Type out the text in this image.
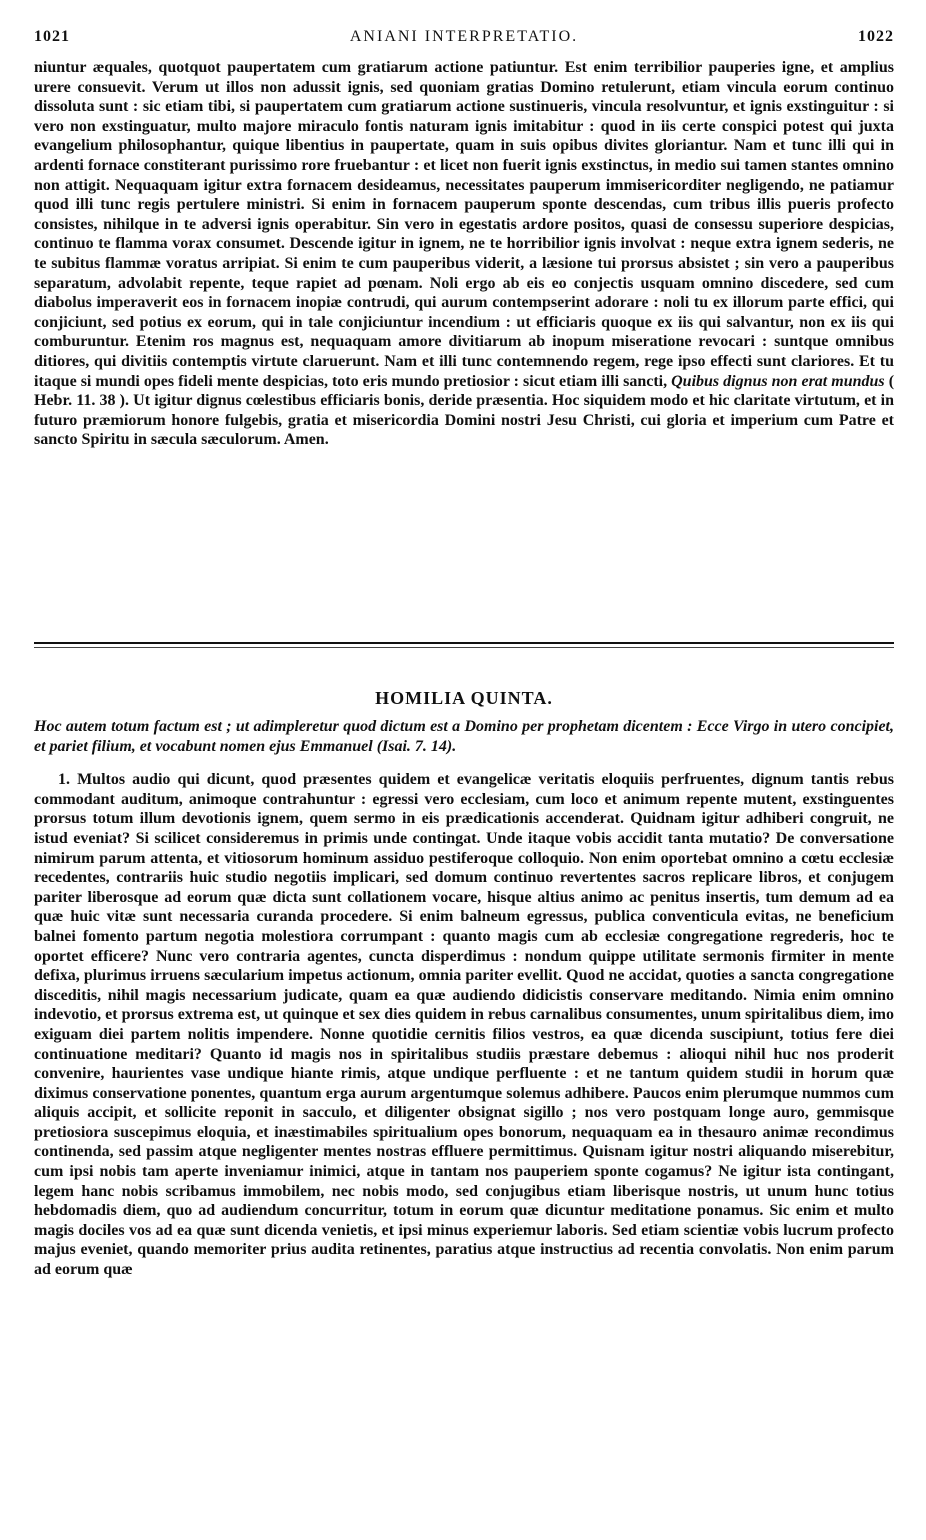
1021	ANIANI INTERPRETATIO.	1022

niuntur æquales, quotquot paupertatem cum gratiarum actione patiuntur. Est enim terribilior pauperies igne, et amplius urere consuevit. Verum ut illos non adussit ignis, sed quoniam gratias Domino retulerunt, etiam vincula eorum continuo dissoluta sunt : sic etiam tibi, si paupertatem cum gratiarum actione sustinueris, vincula resolvuntur, et ignis exstinguitur : si vero non exstinguatur, multo majore miraculo fontis naturam ignis imitabitur : quod in iis certe conspici potest qui juxta evangelium philosophantur, quique libentius in paupertate, quam in suis opibus divites gloriantur. Nam et tunc illi qui in ardenti fornace constiterant purissimo rore fruebantur : et licet non fuerit ignis exstinctus, in medio sui tamen stantes omnino non attigit. Nequaquam igitur extra fornacem desideamus, necessitates pauperum immisericorditer negligendo, ne patiamur quod illi tunc regis pertulere ministri. Si enim in fornacem pauperum sponte descendas, cum tribus illis pueris profecto consistes, nihilque in te adversi ignis operabitur. Sin vero in egestatis ardore positos, quasi de consessu superiore despicias, continuo te flamma vorax consumet. Descende igitur in ignem, ne te horribilior ignis involvat : neque extra ignem sederis, ne te subitus flammæ voratus arripiat. Si enim te cum pauperibus viderit, a læsione tui prorsus absistet ; sin vero a pauperibus separatum, advolabit repente, teque rapiet ad pœnam. Noli ergo ab eis eo conjectis usquam omnino discedere, sed cum diabolus imperaverit eos in fornacem inopiæ contrudi, qui aurum contempserint adorare : noli tu ex illorum parte effici, qui conjiciunt, sed potius ex eorum, qui in tale conjiciuntur incendium : ut efficiaris quoque ex iis qui salvantur, non ex iis qui comburuntur. Etenim ros magnus est, nequaquam amore divitiarum ab inopum miseratione revocari : suntque omnibus ditiores, qui divitiis contemptis virtute claruerunt. Nam et illi tunc contemnendo regem, rege ipso effecti sunt clariores. Et tu itaque si mundi opes fideli mente despicias, toto eris mundo pretiosior : sicut etiam illi sancti, Quibus dignus non erat mundus ( Hebr. 11. 38 ). Ut igitur dignus cœlestibus efficiaris bonis, deride præsentia. Hoc siquidem modo et hic claritate virtutum, et in futuro præmiorum honore fulgebis, gratia et misericordia Domini nostri Jesu Christi, cui gloria et imperium cum Patre et sancto Spiritu in sæcula sæculorum. Amen.

HOMILIA QUINTA.

Hoc autem totum factum est ; ut adimpleretur quod dictum est a Domino per prophetam dicentem : Ecce Virgo in utero concipiet, et pariet filium, et vocabunt nomen ejus Emmanuel (Isai. 7. 14).

1. Multos audio qui dicunt, quod præsentes quidem et evangelicæ veritatis eloquiis perfruentes, dignum tantis rebus commodant auditum, animoque contrahuntur : egressi vero ecclesiam, cum loco et animum repente mutent, exstinguentes prorsus totum illum devotionis ignem, quem sermo in eis prædicationis accenderat. Quidnam igitur adhiberi congruit, ne istud eveniat? Si scilicet consideremus in primis unde contingat. Unde itaque vobis accidit tanta mutatio? De conversatione nimirum parum attenta, et vitiosorum hominum assiduo pestiferoque colloquio. Non enim oportebat omnino a cœtu ecclesiæ recedentes, contrariis huic studio negotiis implicari, sed domum continuo revertentes sacros replicare libros, et conjugem pariter liberosque ad eorum quæ dicta sunt collationem vocare, hisque altius animo ac penitus insertis, tum demum ad ea quæ huic vitæ sunt necessaria curanda procedere. Si enim balneum egressus, publica conventicula evitas, ne beneficium balnei fomento partum negotia molestiora corrumpant : quanto magis cum ab ecclesiæ congregatione regrederis, hoc te oportet efficere? Nunc vero contraria agentes, cuncta disperdimus : nondum quippe utilitate sermonis firmiter in mente defixa, plurimus irruens sæcularium impetus actionum, omnia pariter evellit. Quod ne accidat, quoties a sancta congregatione disceditis, nihil magis necessarium judicate, quam ea quæ audiendo didicistis conservare meditando. Nimia enim omnino indevotio, et prorsus extrema est, ut quinque et sex dies quidem in rebus carnalibus consumentes, unum spiritalibus diem, imo exiguam diei partem nolitis impendere. Nonne quotidie cernitis filios vestros, ea quæ dicenda suscipiunt, totius fere diei continuatione meditari? Quanto id magis nos in spiritalibus studiis præstare debemus : alioqui nihil huc nos proderit convenire, haurientes vase undique hiante rimis, atque undique perfluente : et ne tantum quidem studii in horum quæ diximus conservatione ponentes, quantum erga aurum argentumque solemus adhibere. Paucos enim plerumque nummos cum aliquis accipit, et sollicite reponit in sacculo, et diligenter obsignat sigillo ; nos vero postquam longe auro, gemmisque pretiosiora suscepimus eloquia, et inæstimabiles spiritualium opes bonorum, nequaquam ea in thesauro animæ recondimus continenda, sed passim atque negligenter mentes nostras effluere permittimus. Quisnam igitur nostri aliquando miserebitur, cum ipsi nobis tam aperte inveniamur inimici, atque in tantam nos pauperiem sponte cogamus? Ne igitur ista contingant, legem hanc nobis scribamus immobilem, nec nobis modo, sed conjugibus etiam liberisque nostris, ut unum hunc totius hebdomadis diem, quo ad audiendum concurritur, totum in eorum quæ dicuntur meditatione ponamus. Sic enim et multo magis dociles vos ad ea quæ sunt dicenda venietis, et ipsi minus experiemur laboris. Sed etiam scientiæ vobis lucrum profecto majus eveniet, quando memoriter prius audita retinentes, paratius atque instructius ad recentia convolatis. Non enim parum ad eorum quæ
